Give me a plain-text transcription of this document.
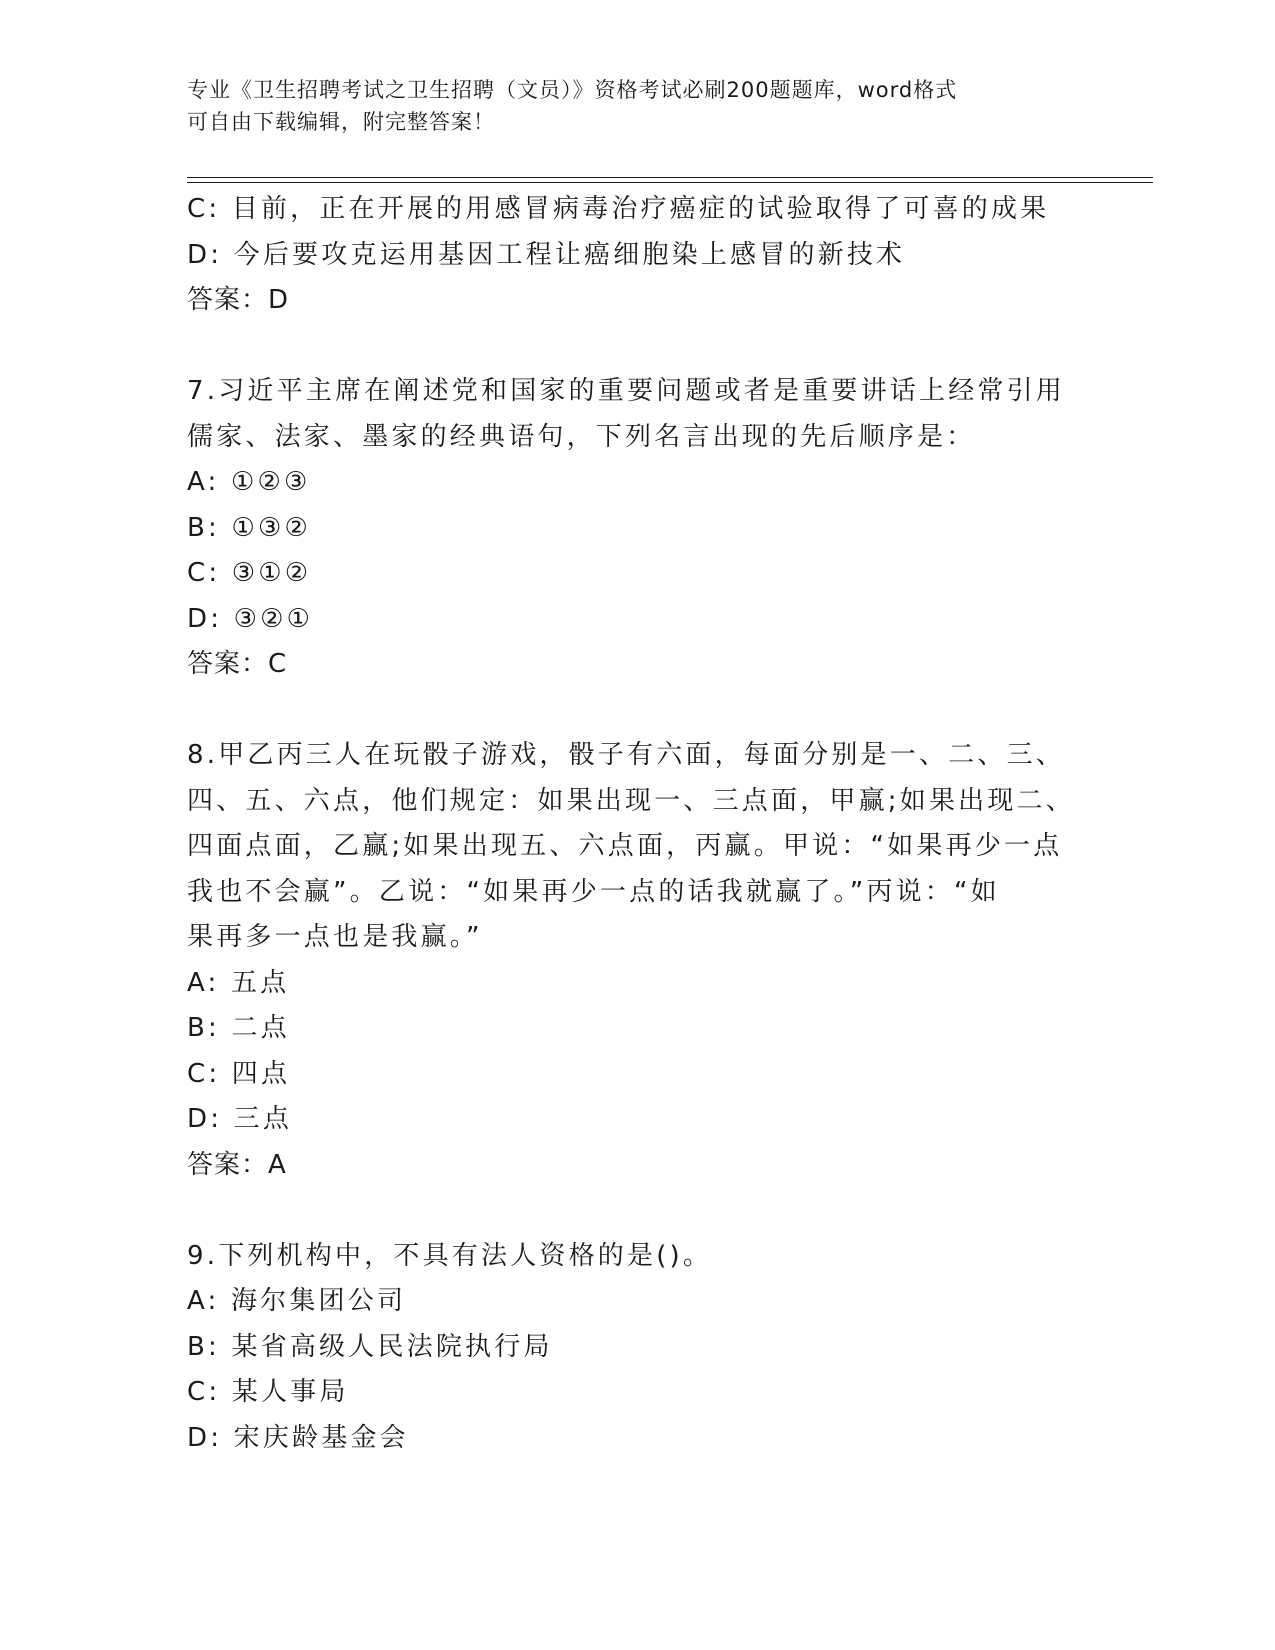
专业《卫生招聘考试之卫生招聘（文员）》资格考试必刷200题题库，word格式
可自由下载编辑，附完整答案！
C: 目前，正在开展的用感冒病毒治疗癌症的试验取得了可喜的成果
D: 今后要攻克运用基因工程让癌细胞染上感冒的新技术
答案：D
7.习近平主席在阐述党和国家的重要问题或者是重要讲话上经常引用
儒家、法家、墨家的经典语句，下列名言出现的先后顺序是：
A: ①②③
B: ①③②
C: ③①②
D: ③②①
答案：C
8.甲乙丙三人在玩骰子游戏，骰子有六面，每面分别是一、二、三、
四、五、六点，他们规定：如果出现一、三点面，甲赢;如果出现二、
四面点面，乙赢;如果出现五、六点面，丙赢。甲说：“如果再少一点
我也不会赢”。乙说：“如果再少一点的话我就赢了。”丙说：“如
果再多一点也是我赢。”
A: 五点
B: 二点
C: 四点
D: 三点
答案：A
9.下列机构中，不具有法人资格的是()。
A: 海尔集团公司
B: 某省高级人民法院执行局
C: 某人事局
D: 宋庆龄基金会
